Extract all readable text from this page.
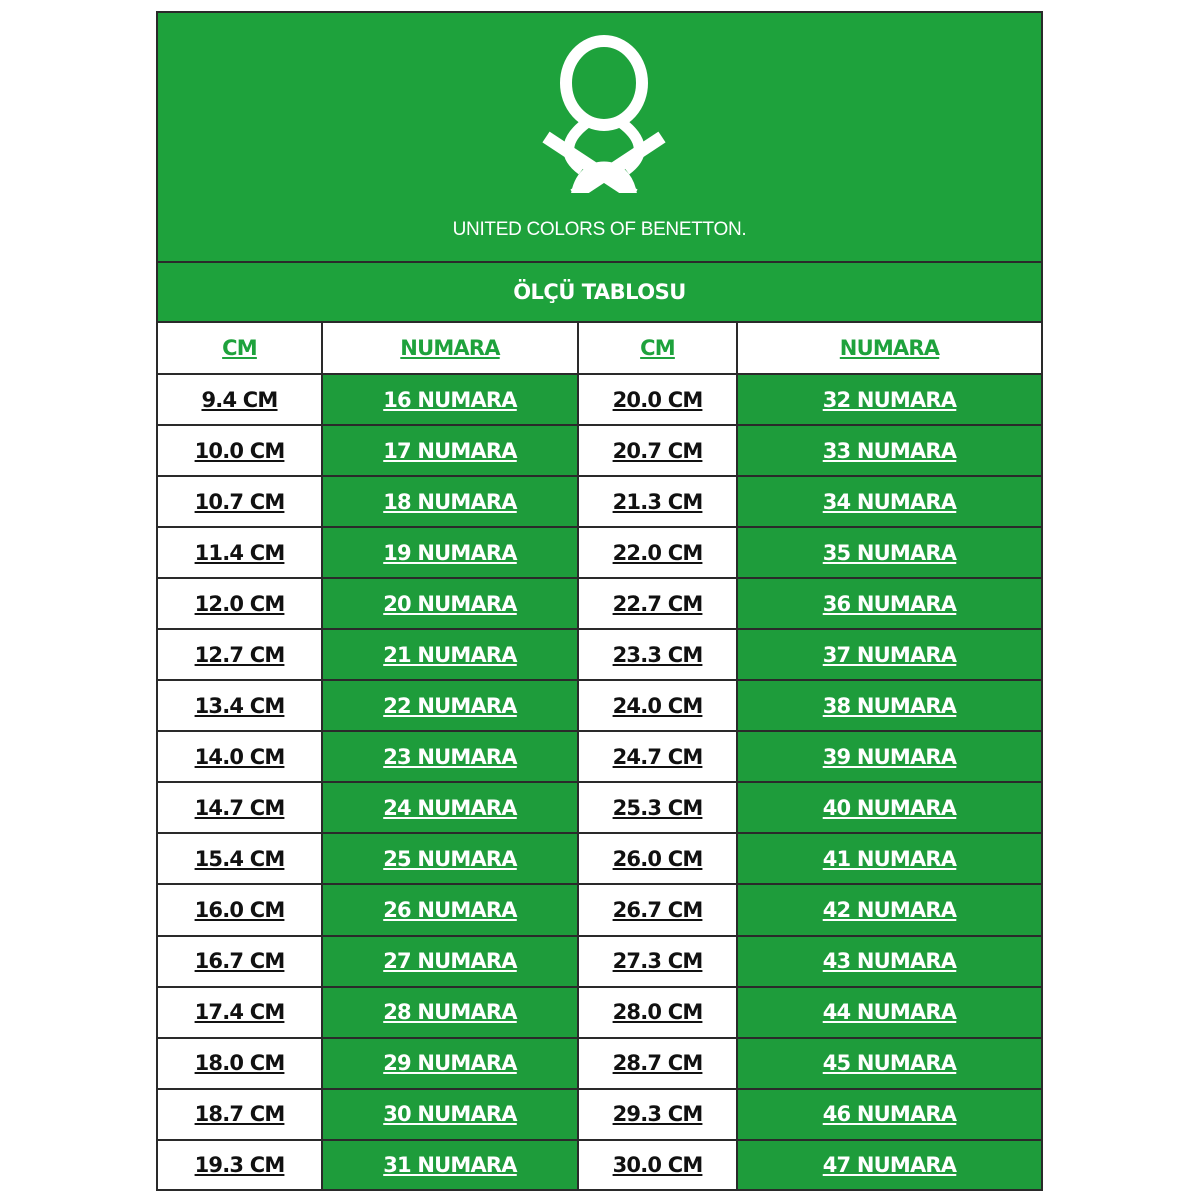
UNITED COLORS OF BENETTON.
ÖLÇÜ TABLOSU
CM	NUMARA	CM	NUMARA
9.4 CM	16 NUMARA	20.0 CM	32 NUMARA
10.0 CM	17 NUMARA	20.7 CM	33 NUMARA
10.7 CM	18 NUMARA	21.3 CM	34 NUMARA
11.4 CM	19 NUMARA	22.0 CM	35 NUMARA
12.0 CM	20 NUMARA	22.7 CM	36 NUMARA
12.7 CM	21 NUMARA	23.3 CM	37 NUMARA
13.4 CM	22 NUMARA	24.0 CM	38 NUMARA
14.0 CM	23 NUMARA	24.7 CM	39 NUMARA
14.7 CM	24 NUMARA	25.3 CM	40 NUMARA
15.4 CM	25 NUMARA	26.0 CM	41 NUMARA
16.0 CM	26 NUMARA	26.7 CM	42 NUMARA
16.7 CM	27 NUMARA	27.3 CM	43 NUMARA
17.4 CM	28 NUMARA	28.0 CM	44 NUMARA
18.0 CM	29 NUMARA	28.7 CM	45 NUMARA
18.7 CM	30 NUMARA	29.3 CM	46 NUMARA
19.3 CM	31 NUMARA	30.0 CM	47 NUMARA
